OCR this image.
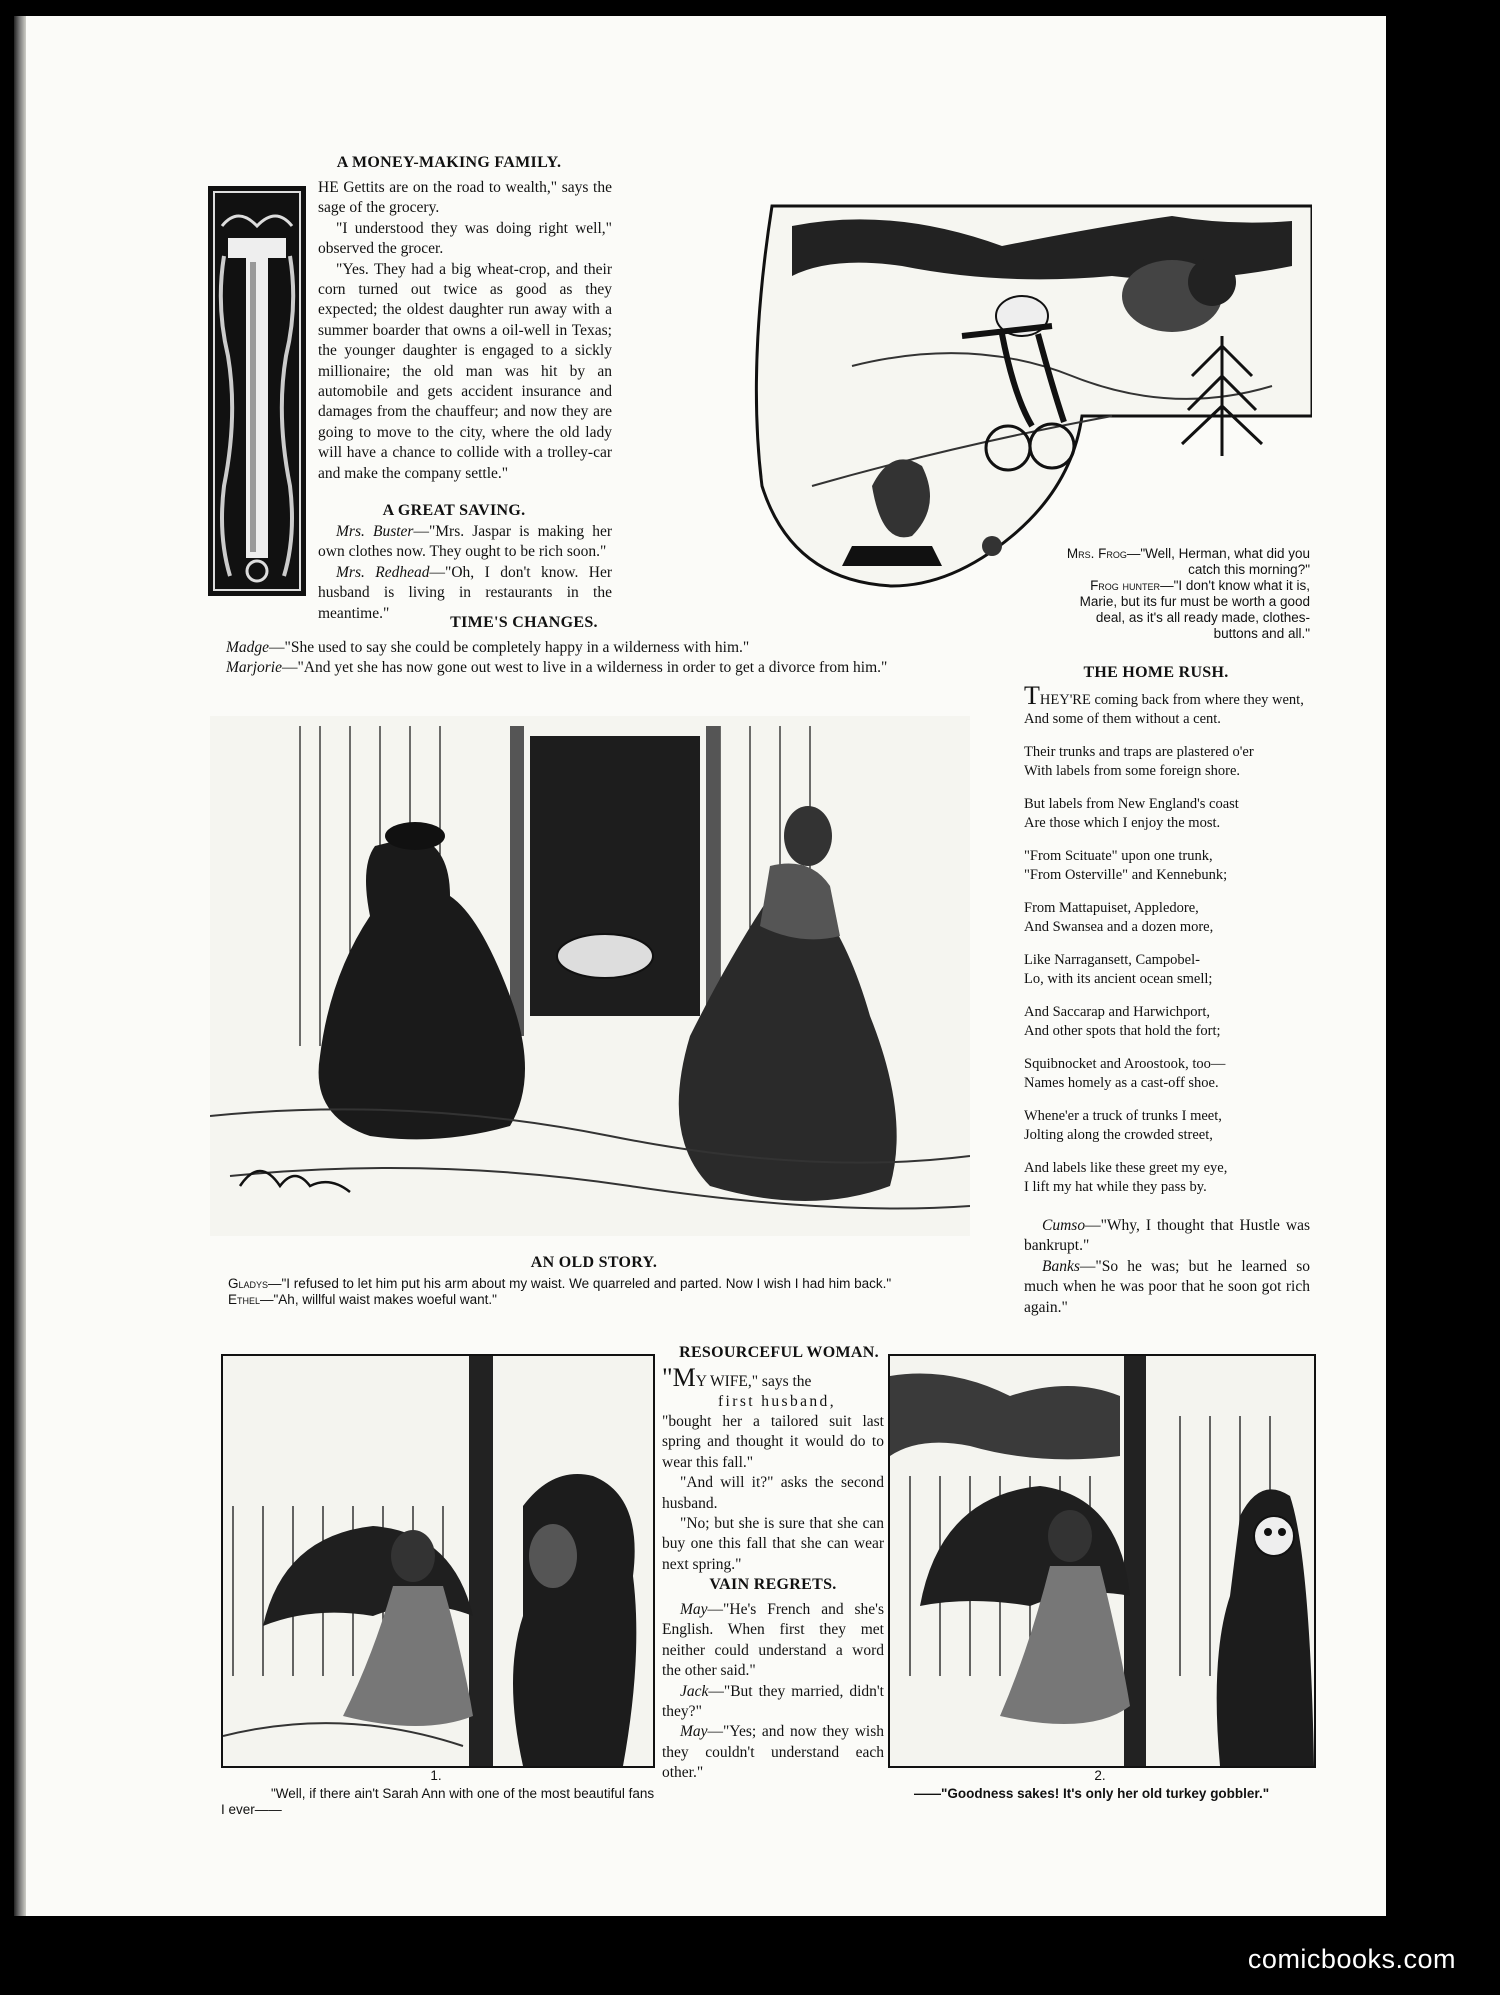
A MONEY-MAKING FAMILY.

HE Gettits are on the road to wealth," says the sage of the grocery.

"I understood they was doing right well," observed the grocer.

"Yes. They had a big wheat-crop, and their corn turned out twice as good as they expected; the oldest daughter run away with a summer boarder that owns a oil-well in Texas; the younger daughter is engaged to a sickly millionaire; the old man was hit by an automobile and gets accident insurance and damages from the chauffeur; and now they are going to move to the city, where the old lady will have a chance to collide with a trolley-car and make the company settle."

A GREAT SAVING.

Mrs. Buster—"Mrs. Jaspar is making her own clothes now. They ought to be rich soon."

Mrs. Redhead—"Oh, I don't know. Her husband is living in restaurants in the meantime."

Mrs. Frog—"Well, Herman, what did you catch this morning?"
Frog hunter—"I don't know what it is, Marie, but its fur must be worth a good deal, as it's all ready made, clothes-buttons and all."
TIME'S CHANGES.

Madge—"She used to say she could be completely happy in a wilderness with him."

Marjorie—"And yet she has now gone out west to live in a wilderness in order to get a divorce from him."

AN OLD STORY.
Gladys—"I refused to let him put his arm about my waist. We quarreled and parted. Now I wish I had him back."
Ethel—"Ah, willful waist makes woeful want."
THE HOME RUSH.

THEY'RE coming back from where they went,
And some of them without a cent.

Their trunks and traps are plastered o'er
With labels from some foreign shore.

But labels from New England's coast
Are those which I enjoy the most.

"From Scituate" upon one trunk,
"From Osterville" and Kennebunk;

From Mattapuiset, Appledore,
And Swansea and a dozen more,

Like Narragansett, Campobel-
Lo, with its ancient ocean smell;

And Saccarap and Harwichport,
And other spots that hold the fort;

Squibnocket and Aroostook, too—
Names homely as a cast-off shoe.

Whene'er a truck of trunks I meet,
Jolting along the crowded street,

And labels like these greet my eye,
I lift my hat while they pass by.

Cumso—"Why, I thought that Hustle was bankrupt."

Banks—"So he was; but he learned so much when he was poor that he soon got rich again."

1.
"Well, if there ain't Sarah Ann with one of the most beautiful fans I ever——
RESOURCEFUL WOMAN.

"MY WIFE," says the
first husband,

"bought her a tailored suit last spring and thought it would do to wear this fall."

"And will it?" asks the second husband.

"No; but she is sure that she can buy one this fall that she can wear next spring."

VAIN REGRETS.

May—"He's French and she's English. When first they met neither could understand a word the other said."

Jack—"But they married, didn't they?"

May—"Yes; and now they wish they couldn't understand each other."	2.
——"Goodness sakes! It's only her old turkey gobbler."
comicbooks.com
